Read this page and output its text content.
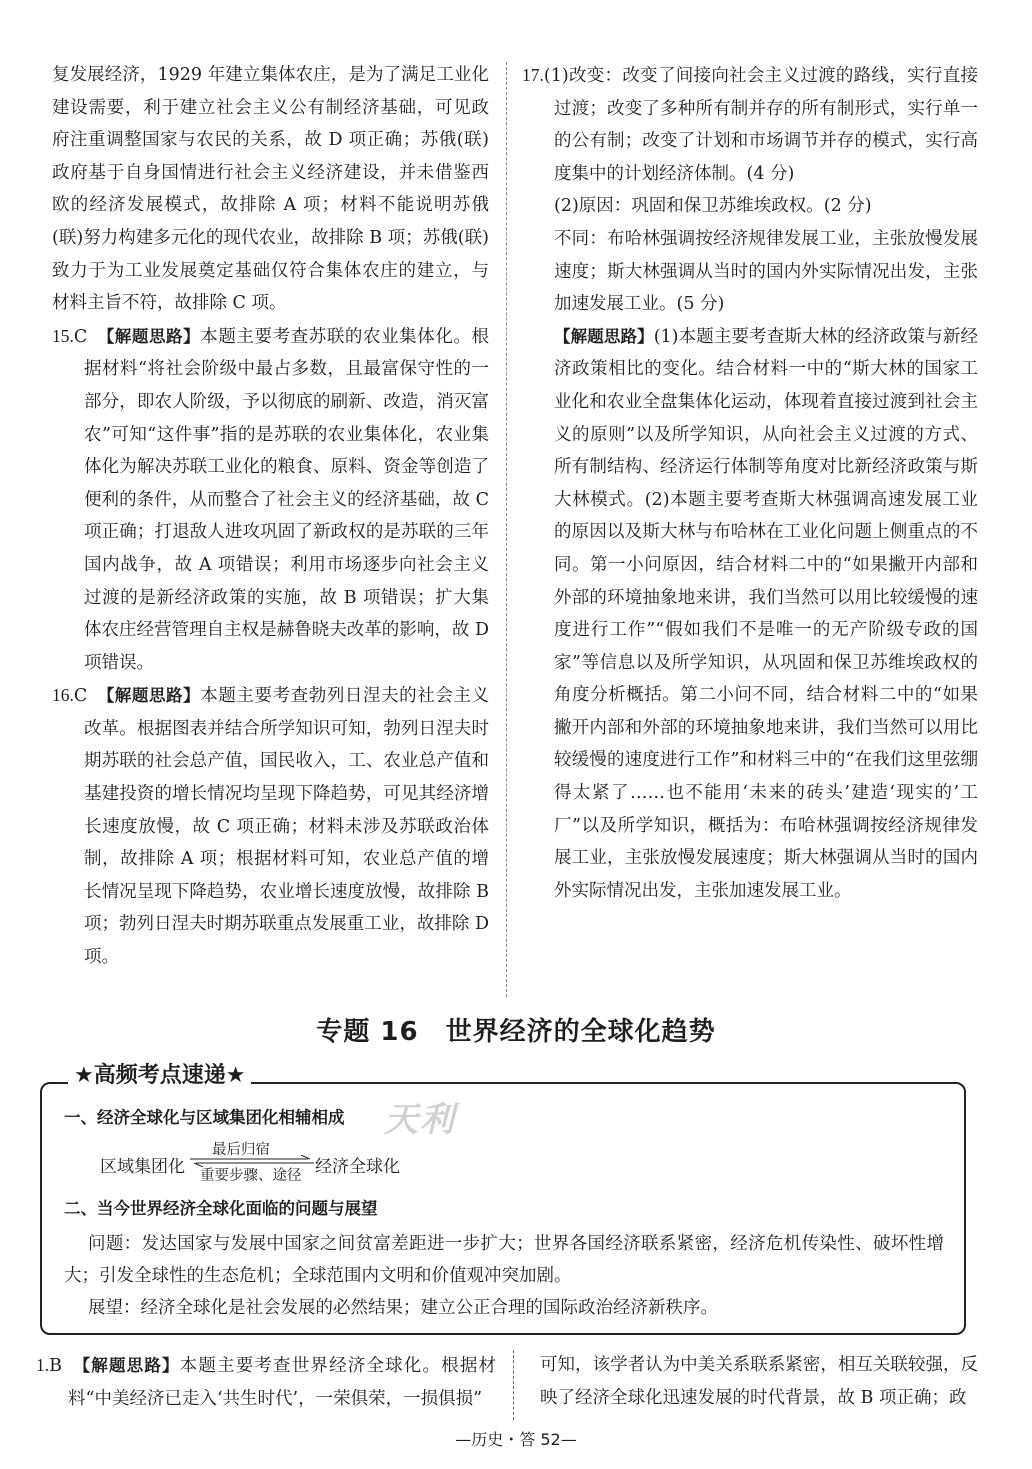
复发展经济，1929 年建立集体农庄，是为了满足工业化建设需要，利于建立社会主义公有制经济基础，可见政府注重调整国家与农民的关系，故 D 项正确；苏俄(联)政府基于自身国情进行社会主义经济建设，并未借鉴西欧的经济发展模式，故排除 A 项；材料不能说明苏俄(联)努力构建多元化的现代农业，故排除 B 项；苏俄(联)致力于为工业发展奠定基础仅符合集体农庄的建立，与材料主旨不符，故排除 C 项。

15.C　 【解题思路】本题主要考查苏联的农业集体化。根据材料“将社会阶级中最占多数，且最富保守性的一部分，即农人阶级，予以彻底的刷新、改造，消灭富农”可知“这件事”指的是苏联的农业集体化，农业集体化为解决苏联工业化的粮食、原料、资金等创造了便利的条件，从而整合了社会主义的经济基础，故 C 项正确；打退敌人进攻巩固了新政权的是苏联的三年国内战争，故 A 项错误；利用市场逐步向社会主义过渡的是新经济政策的实施，故 B 项错误；扩大集体农庄经营管理自主权是赫鲁晓夫改革的影响，故 D 项错误。

16.C　 【解题思路】本题主要考查勃列日涅夫的社会主义改革。根据图表并结合所学知识可知，勃列日涅夫时期苏联的社会总产值，国民收入，工、农业总产值和基建投资的增长情况均呈现下降趋势，可见其经济增长速度放慢，故 C 项正确；材料未涉及苏联政治体制，故排除 A 项；根据材料可知，农业总产值的增长情况呈现下降趋势，农业增长速度放慢，故排除 B 项；勃列日涅夫时期苏联重点发展重工业，故排除 D 项。

17.(1)改变：改变了间接向社会主义过渡的路线，实行直接过渡；改变了多种所有制并存的所有制形式，实行单一的公有制；改变了计划和市场调节并存的模式，实行高度集中的计划经济体制。(4 分)

(2)原因：巩固和保卫苏维埃政权。(2 分)

不同：布哈林强调按经济规律发展工业，主张放慢发展速度；斯大林强调从当时的国内外实际情况出发，主张加速发展工业。(5 分)

【解题思路】(1)本题主要考查斯大林的经济政策与新经济政策相比的变化。结合材料一中的“斯大林的国家工业化和农业全盘集体化运动，体现着直接过渡到社会主义的原则”以及所学知识，从向社会主义过渡的方式、所有制结构、经济运行体制等角度对比新经济政策与斯大林模式。(2)本题主要考查斯大林强调高速发展工业的原因以及斯大林与布哈林在工业化问题上侧重点的不同。第一小问原因，结合材料二中的“如果撇开内部和外部的环境抽象地来讲，我们当然可以用比较缓慢的速度进行工作”“假如我们不是唯一的无产阶级专政的国家”等信息以及所学知识，从巩固和保卫苏维埃政权的角度分析概括。第二小问不同，结合材料二中的“如果撇开内部和外部的环境抽象地来讲，我们当然可以用比较缓慢的速度进行工作”和材料三中的“在我们这里弦绷得太紧了……也不能用‘未来的砖头’建造‘现实的’工厂”以及所学知识，概括为：布哈林强调按经济规律发展工业，主张放慢发展速度；斯大林强调从当时的国内外实际情况出发，主张加速发展工业。

专题 16　世界经济的全球化趋势
★高频考点速递★
天利
一、经济全球化与区域集团化相辅相成
区域集团化
最后归宿
重要步骤、途径 经济全球化
二、当今世界经济全球化面临的问题与展望
问题：发达国家与发展中国家之间贫富差距进一步扩大；世界各国经济联系紧密，经济危机传染性、破坏性增大；引发全球性的生态危机；全球范围内文明和价值观冲突加剧。
展望：经济全球化是社会发展的必然结果；建立公正合理的国际政治经济新秩序。

1.B　 【解题思路】本题主要考查世界经济全球化。根据材料“中美经济已走入‘共生时代’，一荣俱荣，一损俱损”

可知，该学者认为中美关系联系紧密，相互关联较强，反映了经济全球化迅速发展的时代背景，故 B 项正确；政

—历史・答 52—
